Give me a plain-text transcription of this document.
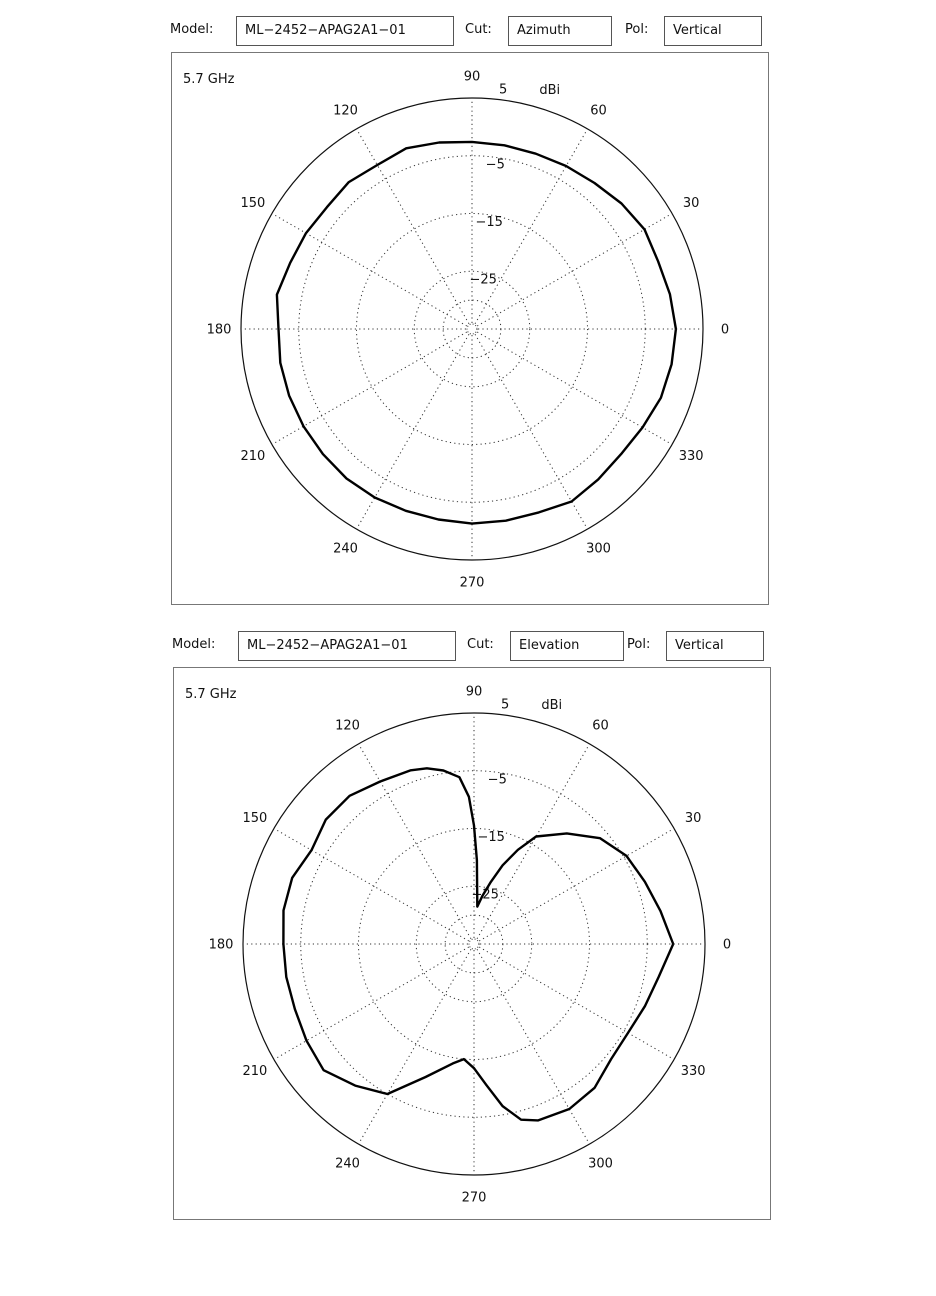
Model:	ML−2452−APAG2A1−01	Cut:	Azimuth	Pol:	Vertical
0
30
60
90
120
150
180
210
240
270
300
330
5
−5
−15
−25
dBi
5.7 GHz
Model:	ML−2452−APAG2A1−01	Cut:	Elevation	Pol:	Vertical
0
30
60
90
120
150
180
210
240
270
300
330
5
−5
−15
−25
dBi
5.7 GHz
